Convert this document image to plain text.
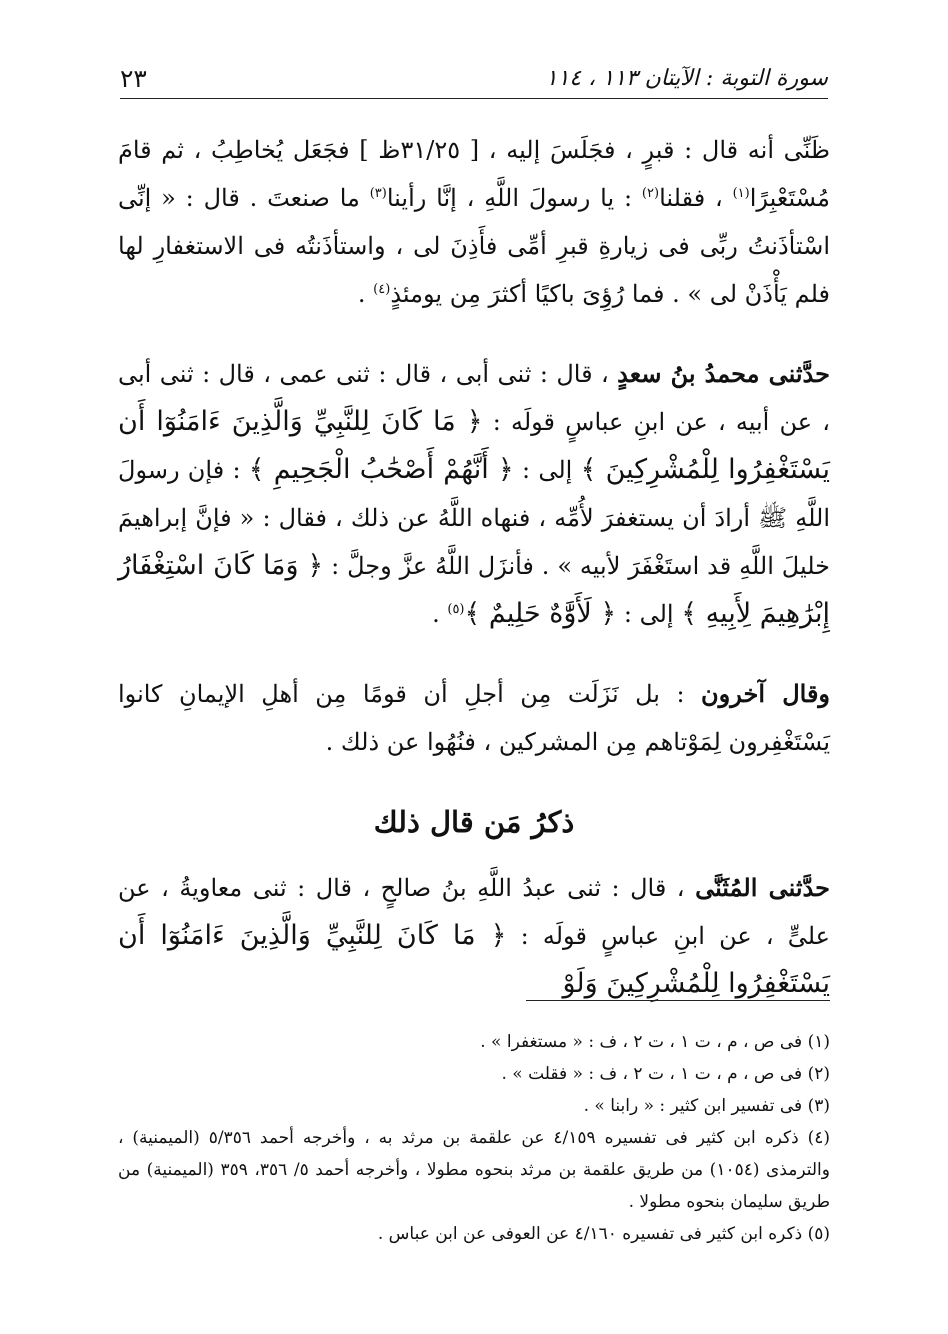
٢٣	سورة التوبة : الآيتان ١١٣ ، ١١٤

ظَنِّى أنه قال : قبرٍ ، فجَلَسَ إليه ، [ ٣١/٢٥ظ ] فجَعَل يُخاطِبُ ، ثم قامَ مُسْتَعْبِرًا$^{(١)}$ ، فقلنا$^{(٢)}$ : يا رسولَ اللَّهِ ، إنَّا رأينا$^{(٣)}$ ما صنعتَ . قال : « إنِّى اسْتأذَنتُ ربِّى فى زيارةِ قبرِ أمِّى فأَذِنَ لى ، واستأذَنتُه فى الاستغفارِ لها فلم يَأْذَنْ لى » . فما رُؤِىَ باكيًا أكثرَ مِن يومئذٍ$^{(٤)}$ .

حدَّثنى محمدُ بنُ سعدٍ ، قال : ثنى أبى ، قال : ثنى عمى ، قال : ثنى أبى ، عن أبيه ، عن ابنِ عباسٍ قولَه : ﴿ مَا كَانَ لِلنَّبِيِّ وَالَّذِينَ ءَامَنُوٓا أَن يَسْتَغْفِرُوا لِلْمُشْرِكِينَ ﴾ إلى : ﴿ أَنَّهُمْ أَصْحَٰبُ الْجَحِيمِ ﴾ : فإن رسولَ اللَّهِ ﷺ أرادَ أن يستغفرَ لأُمِّه ، فنهاه اللَّهُ عن ذلك ، فقال : « فإنَّ إبراهيمَ خليلَ اللَّهِ قد استَغْفَرَ لأبيه » . فأنزَل اللَّهُ عزَّ وجلَّ : ﴿ وَمَا كَانَ اسْتِغْفَارُ إِبْرَٰهِيمَ لِأَبِيهِ ﴾ إلى : ﴿ لَأَوَّٰهٌ حَلِيمٌ ﴾$^{(٥)}$ .

وقال آخرون : بل نَزَلَت مِن أجلِ أن قومًا مِن أهلِ الإيمانِ كانوا يَسْتَغْفِرون لِمَوْتاهم مِن المشركين ، فنُهُوا عن ذلك .

ذكرُ مَن قال ذلك

حدَّثنى المُثَنَّى ، قال : ثنى عبدُ اللَّهِ بنُ صالحٍ ، قال : ثنى معاويةُ ، عن علىٍّ ، عن ابنِ عباسٍ قولَه : ﴿ مَا كَانَ لِلنَّبِيِّ وَالَّذِينَ ءَامَنُوٓا أَن يَسْتَغْفِرُوا لِلْمُشْرِكِينَ وَلَوْ

(١) فى ص ، م ، ت ١ ، ت ٢ ، ف : « مستغفرا » .
(٢) فى ص ، م ، ت ١ ، ت ٢ ، ف : « فقلت » .
(٣) فى تفسير ابن كثير : « رابنا » .
(٤) ذكره ابن كثير فى تفسيره ٤/١٥٩ عن علقمة بن مرثد به ، وأخرجه أحمد ٥/٣٥٦ (الميمنية) ، والترمذى (١٠٥٤) من طريق علقمة بن مرثد بنحوه مطولا ، وأخرجه أحمد ٥/ ٣٥٦، ٣٥٩ (الميمنية) من طريق سليمان بنحوه مطولا .
(٥) ذكره ابن كثير فى تفسيره ٤/١٦٠ عن العوفى عن ابن عباس .
